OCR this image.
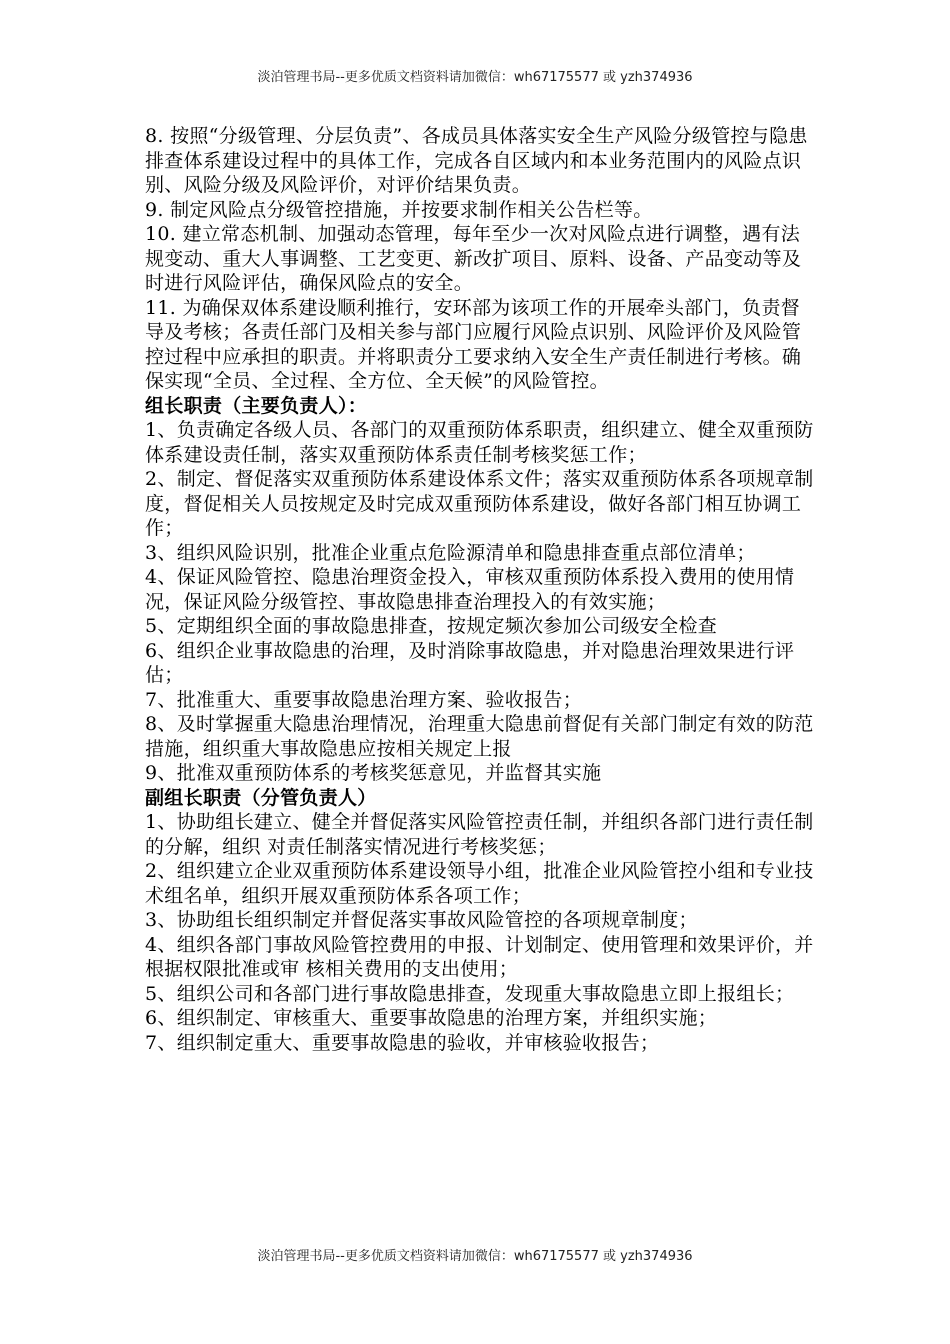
淡泊管理书局--更多优质文档资料请加微信：wh67175577 或 yzh374936

8. 按照“分级管理、分层负责”、各成员具体落实安全生产风险分级管控与隐患排查体系建设过程中的具体工作，完成各自区域内和本业务范围内的风险点识别、风险分级及风险评价，对评价结果负责。

9. 制定风险点分级管控措施，并按要求制作相关公告栏等。

10. 建立常态机制、加强动态管理，每年至少一次对风险点进行调整，遇有法规变动、重大人事调整、工艺变更、新改扩项目、原料、设备、产品变动等及时进行风险评估，确保风险点的安全。

11. 为确保双体系建设顺利推行，安环部为该项工作的开展牵头部门，负责督导及考核；各责任部门及相关参与部门应履行风险点识别、风险评价及风险管控过程中应承担的职责。并将职责分工要求纳入安全生产责任制进行考核。确保实现“全员、全过程、全方位、全天候”的风险管控。

组长职责（主要负责人）：

1、负责确定各级人员、各部门的双重预防体系职责，组织建立、健全双重预防体系建设责任制，落实双重预防体系责任制考核奖惩工作；

2、制定、督促落实双重预防体系建设体系文件；落实双重预防体系各项规章制度，督促相关人员按规定及时完成双重预防体系建设，做好各部门相互协调工作；

3、组织风险识别，批准企业重点危险源清单和隐患排查重点部位清单；

4、保证风险管控、隐患治理资金投入，审核双重预防体系投入费用的使用情况，保证风险分级管控、事故隐患排查治理投入的有效实施；

5、定期组织全面的事故隐患排查，按规定频次参加公司级安全检查

6、组织企业事故隐患的治理，及时消除事故隐患，并对隐患治理效果进行评估；

7、批准重大、重要事故隐患治理方案、验收报告；

8、及时掌握重大隐患治理情况，治理重大隐患前督促有关部门制定有效的防范措施，组织重大事故隐患应按相关规定上报

9、批准双重预防体系的考核奖惩意见，并监督其实施

副组长职责（分管负责人）

1、协助组长建立、健全并督促落实风险管控责任制，并组织各部门进行责任制的分解，组织 对责任制落实情况进行考核奖惩；

2、组织建立企业双重预防体系建设领导小组，批准企业风险管控小组和专业技术组名单，组织开展双重预防体系各项工作；

3、协助组长组织制定并督促落实事故风险管控的各项规章制度；

4、组织各部门事故风险管控费用的申报、计划制定、使用管理和效果评价，并根据权限批准或审 核相关费用的支出使用；

5、组织公司和各部门进行事故隐患排查，发现重大事故隐患立即上报组长；

6、组织制定、审核重大、重要事故隐患的治理方案，并组织实施；

7、组织制定重大、重要事故隐患的验收，并审核验收报告；

淡泊管理书局--更多优质文档资料请加微信：wh67175577 或 yzh374936
